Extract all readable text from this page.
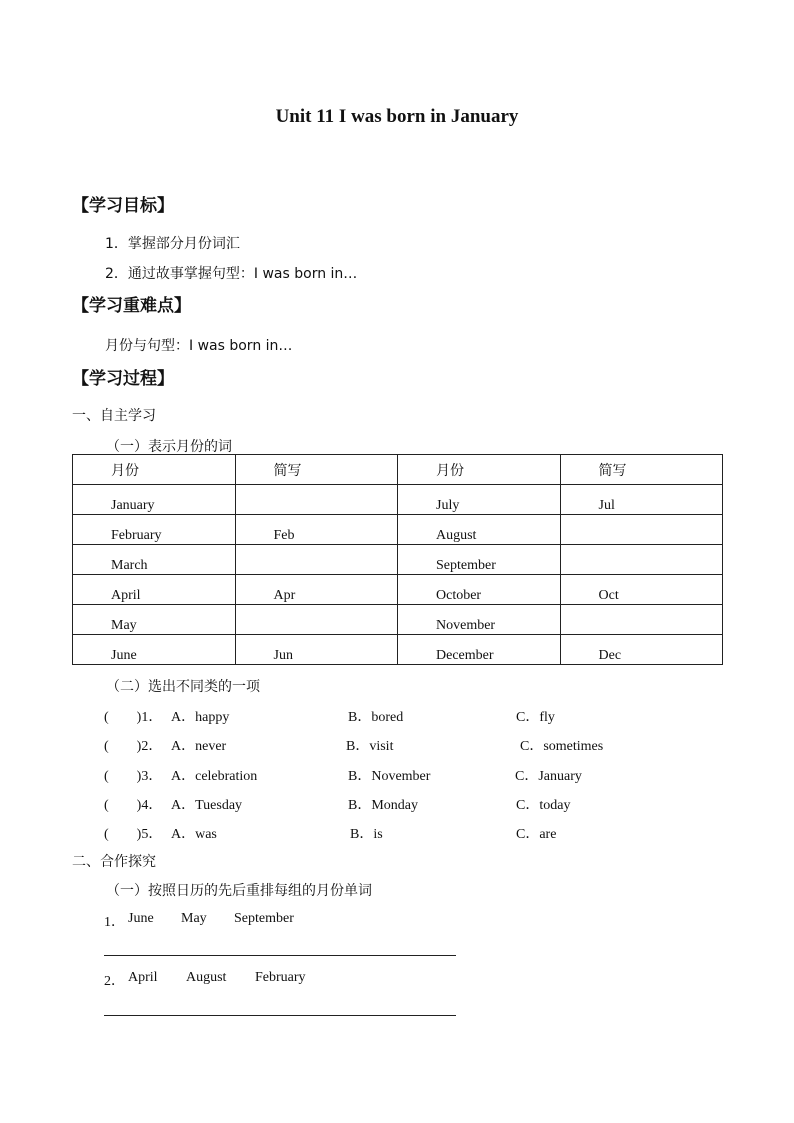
Unit 11 I was born in January
【学习目标】
1．掌握部分月份词汇
2．通过故事掌握句型：I was born in…
【学习重难点】
月份与句型：I was born in…
【学习过程】
一、自主学习
（一）表示月份的词
月份	简写	月份	简写
January		July	Jul
February	Feb	August	
March		September	
April	Apr	October	Oct
May		November	
June	Jun	December	Dec
（二）选出不同类的一项
(　　)1． A．happy	B．bored	C．fly
(　　)2． A．never	B．visit	C．sometimes
(　　)3． A．celebration	B．November	C．January
(　　)4． A．Tuesday	B．Monday	C．today
(　　)5． A．was	B．is	C．are
二、合作探究
（一）按照日历的先后重排每组的月份单词
1． June May September
2． April August February
